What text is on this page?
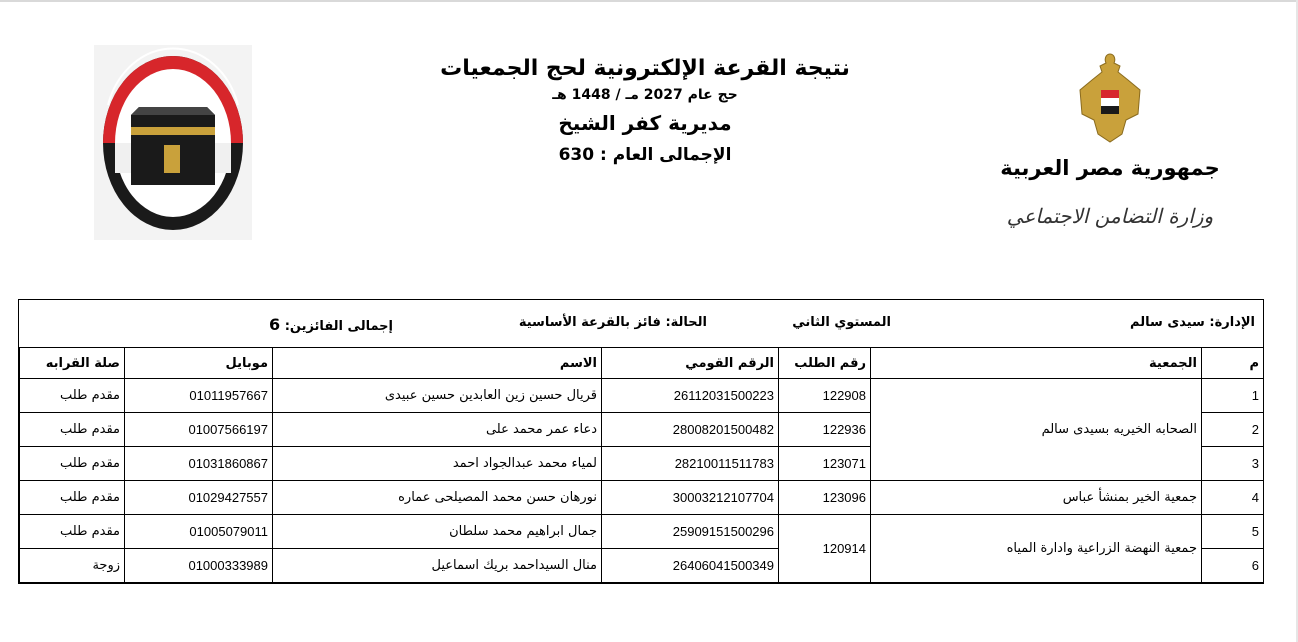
نتيجة القرعة الإلكترونية لحج الجمعيات
حج عام 2027 مـ / 1448 هـ
مديرية كفر الشيخ
الإجمالى العام : 630
جمهورية مصر العربية
وزارة التضامن الاجتماعي
الإدارة: سيدى سالم
المستوي الثاني
الحالة: فائز بالقرعة الأساسية
إجمالى الفائزين: 6
م	الجمعية	رقم الطلب	الرقم القومي	الاسم	موبايل	صلة القرابه
1	الصحابه الخيريه بسيدى سالم	122908	26112031500223	قريال حسين زين العابدين حسين عبيدى	01011957667	مقدم طلب
2		122936	28008201500482	دعاء عمر محمد على	01007566197	مقدم طلب
3		123071	28210011511783	لمياء محمد عبدالجواد احمد	01031860867	مقدم طلب
4	جمعية الخير بمنشأ عباس	123096	30003212107704	نورهان حسن محمد المصيلحى عماره	01029427557	مقدم طلب
5	جمعية النهضة الزراعية وادارة المياه	120914	25909151500296	جمال ابراهيم محمد سلطان	01005079011	مقدم طلب
6			26406041500349	منال السيداحمد بريك اسماعيل	01000333989	زوجة
